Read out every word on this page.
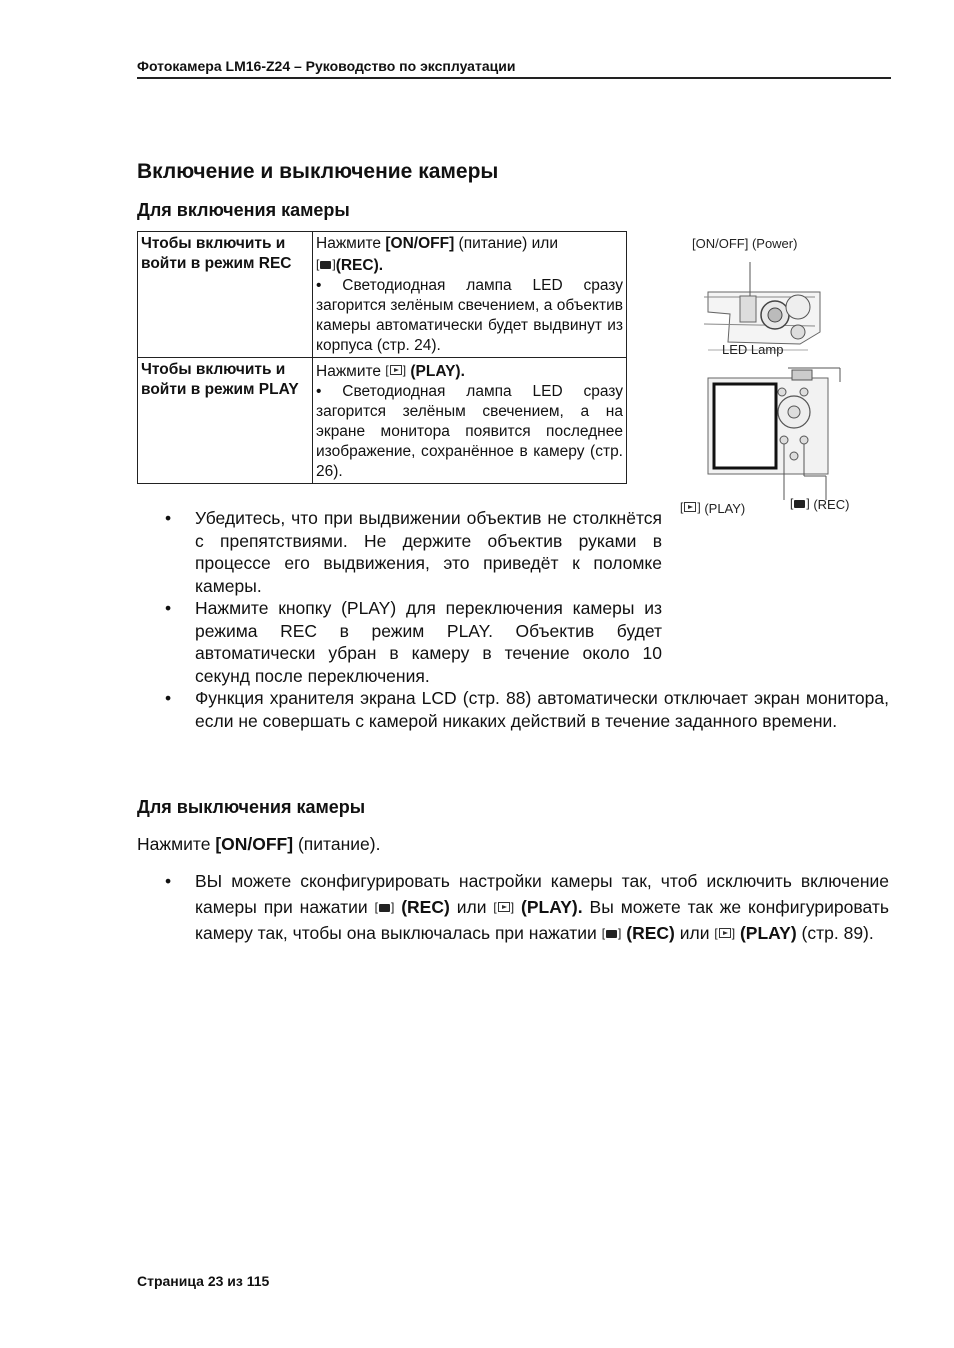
Фотокамера LM16-Z24 – Руководство по эксплуатации
Включение и выключение камеры
Для включения камеры
Чтобы включить и войти в режим REC	Нажмите [ON/OFF] (питание) или
[ ](REC).
• Светодиодная лампа LED сразу загорится зелёным свечением, а объектив камеры автоматически будет выдвинут из корпуса (стр. 24).
Чтобы включить и войти в режим PLAY	Нажмите [ ] (PLAY).
• Светодиодная лампа LED сразу загорится зелёным свечением, а на экране монитора появится последнее изображение, сохранённое в камеру (стр. 26).
[ON/OFF] (Power)
LED Lamp
[ ] (PLAY)	[ ] (REC)
• Убедитесь, что при выдвижении объектив не столкнётся с препятствиями. Не держите объектив руками в процессе его выдвижения, это приведёт к поломке камеры.
• Нажмите кнопку (PLAY) для переключения камеры из режима REC в режим PLAY. Объектив будет автоматически убран в камеру в течение около 10 секунд после переключения.
• Функция хранителя экрана LCD (стр. 88) автоматически отключает экран монитора, если не совершать с камерой никаких действий в течение заданного времени.
Для выключения камеры
Нажмите [ON/OFF] (питание).
• ВЫ можете сконфигурировать настройки камеры так, чтоб исключить включение камеры при нажатии [ ] (REC) или [ ] (PLAY). Вы можете так же конфигурировать камеру так, чтобы она выключалась при нажатии [ ] (REC) или [ ] (PLAY) (стр. 89).
Страница 23 из 115
